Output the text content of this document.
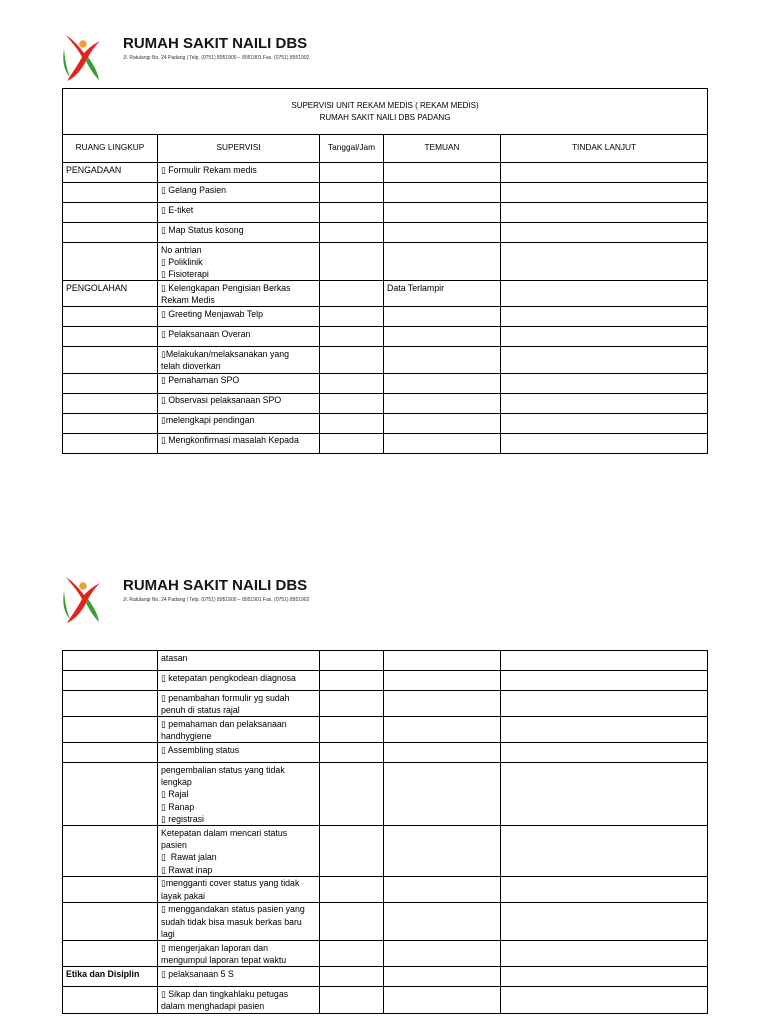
RUMAH SAKIT NAILI DBS
Jl. Ratulangi No. 24 Padang | Telp. (0751) 8951900 – 8951901 Fax. (0751) 8951902
SUPERVISI UNIT REKAM MEDIS ( REKAM MEDIS)
RUMAH SAKIT NAILI DBS PADANG				

RUANG LINGKUP	SUPERVISI	Tanggal/Jam	TEMUAN	TINDAK LANJUT

PENGADAAN	▯ Formulir Rekam medis			

	▯ Gelang Pasien			

	▯ E-tiket			

	▯ Map Status kosong			

	No antrian
▯ Poliklinik
▯ Fisioterapi			

PENGOLAHAN	▯ Kelengkapan Pengisian Berkas
Rekam Medis		Data Terlampir	

	▯ Greeting Menjawab Telp			

	▯ Pelaksanaan Overan			

	▯Melakukan/melaksanakan yang
telah dioverkan			

	▯ Pemahaman SPO			

	▯ Observasi pelaksanaan SPO			

	▯melengkapi pendingan			

	▯ Mengkonfirmasi masalah Kepada			

RUMAH SAKIT NAILI DBS
Jl. Ratulangi No. 24 Padang | Telp. (0751) 8951900 – 8951901 Fax. (0751) 8951902

	atasan			

	▯ ketepatan pengkodean diagnosa			

	▯ penambahan formulir yg sudah
penuh di status rajal			

	▯ pemahaman dan pelaksanaan
handhygiene			

	▯ Assembling status			

	pengembalian status yang tidak
lengkap
▯ Rajal
▯ Ranap
▯ registrasi			

	Ketepatan dalam mencari status
pasien
▯  Rawat jalan
▯ Rawat inap			

	▯mengganti cover status yang tidak
layak pakai			

	▯ menggandakan status pasien yang
sudah tidak bisa masuk berkas baru
lagi			

	▯ mengerjakan laporan dan
mengumpul laporan tepat waktu			

Etika dan Disiplin	▯ pelaksanaan 5 S			

	▯ Sikap dan tingkahlaku petugas
dalam menghadapi pasien			
